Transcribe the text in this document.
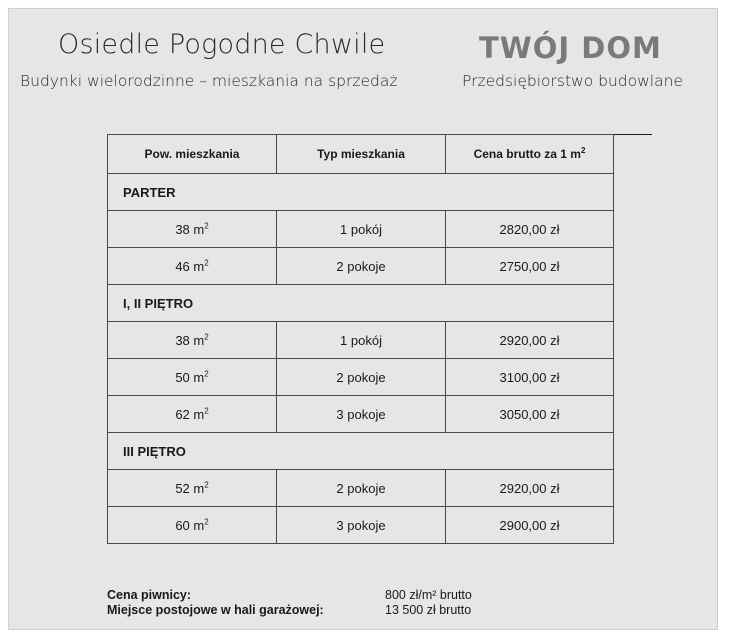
Osiedle Pogodne Chwile
Budynki wielorodzinne – mieszkania na sprzedaż
TWÓJ DOM
Przedsiębiorstwo budowlane
Pow. mieszkania	Typ mieszkania	Cena brutto za 1 $m^2$
PARTER		
38 $m^2$	1 pokój	2820,00 zł
46 $m^2$	2 pokoje	2750,00 zł
I, II PIĘTRO		
38 $m^2$	1 pokój	2920,00 zł
50 $m^2$	2 pokoje	3100,00 zł
62 $m^2$	3 pokoje	3050,00 zł
III PIĘTRO		
52 $m^2$	2 pokoje	2920,00 zł
60 $m^2$	3 pokoje	2900,00 zł
Cena piwnicy:	800 zł/m² brutto
Miejsce postojowe w hali garażowej:	13 500 zł brutto
